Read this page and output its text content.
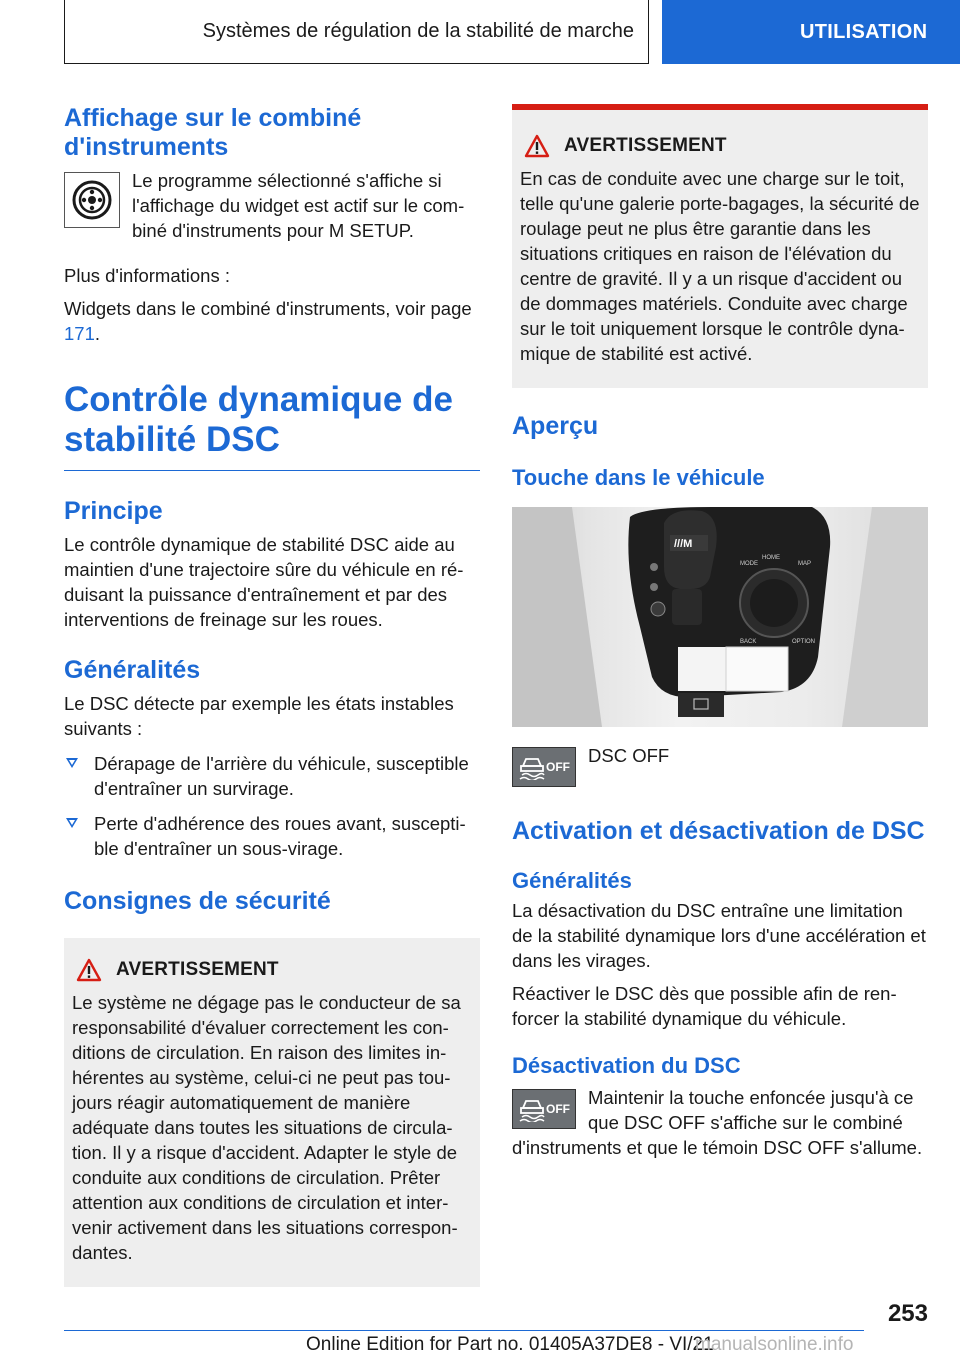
Systèmes de régulation de la stabilité de marche	UTILISATION
Affichage sur le combiné d'instruments

Le programme sélectionné s'affiche si l'affichage du widget est actif sur le combiné d'instruments pour M SETUP.

Plus d'informations :

Widgets dans le combiné d'instruments, voir page 171.

Contrôle dynamique de stabilité DSC
Principe

Le contrôle dynamique de stabilité DSC aide au maintien d'une trajectoire sûre du véhicule en réduisant la puissance d'entraînement et par des interventions de freinage sur les roues.

Généralités

Le DSC détecte par exemple les états instables suivants :

Dérapage de l'arrière du véhicule, susceptible d'entraîner un survirage.
Perte d'adhérence des roues avant, susceptible d'entraîner un sous-virage.
Consignes de sécurité
AVERTISSEMENT

Le système ne dégage pas le conducteur de sa responsabilité d'évaluer correctement les conditions de circulation. En raison des limites inhérentes au système, celui-ci ne peut pas toujours réagir automatiquement de manière adéquate dans toutes les situations de circulation. Il y a risque d'accident. Adapter le style de conduite aux conditions de circulation. Prêter attention aux conditions de circulation et intervenir activement dans les situations correspondantes.

AVERTISSEMENT

En cas de conduite avec une charge sur le toit, telle qu'une galerie porte-bagages, la sécurité de roulage peut ne plus être garantie dans les situations critiques en raison de l'élévation du centre de gravité. Il y a un risque d'accident ou de dommages matériels. Conduite avec charge sur le toit uniquement lorsque le contrôle dynamique de stabilité est activé.

Aperçu
Touche dans le véhicule
///M
MODE
HOME
MAP
BACK	OPTION
OFF

DSC OFF

Activation et désactivation de DSC
Généralités

La désactivation du DSC entraîne une limitation de la stabilité dynamique lors d'une accélération et dans les virages.

Réactiver le DSC dès que possible afin de renforcer la stabilité dynamique du véhicule.

Désactivation du DSC
OFF

Maintenir la touche enfoncée jusqu'à ce que DSC OFF s'affiche sur le combiné d'instruments et que le témoin DSC OFF s'allume.

253
Online Edition for Part no. 01405A37DE8 - VI/21
manualsonline.info
